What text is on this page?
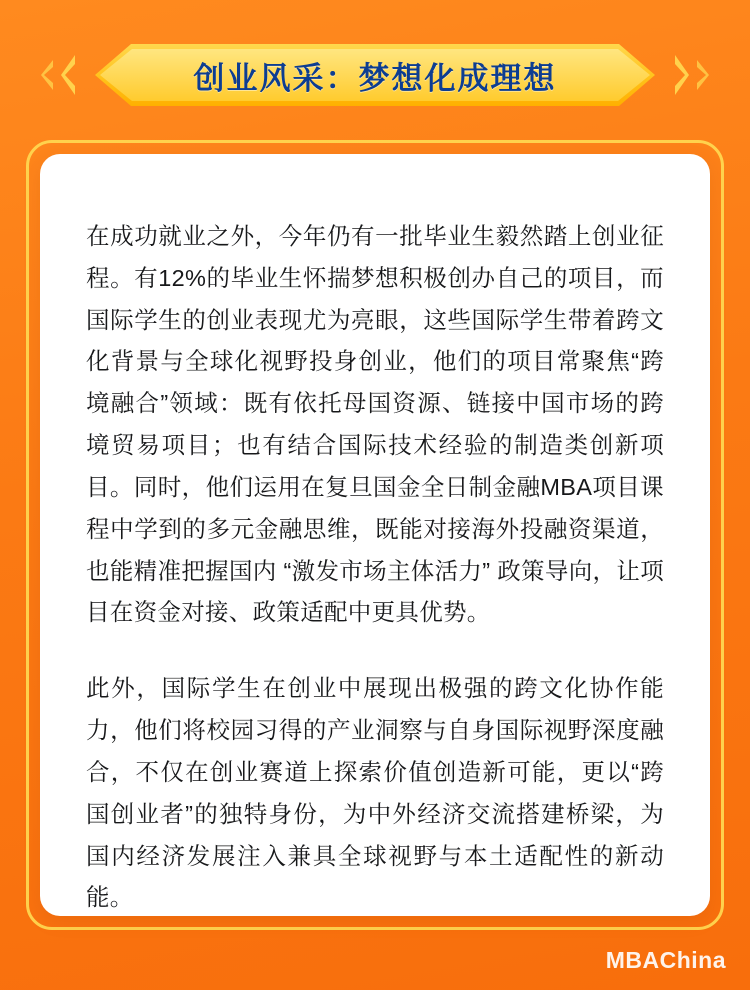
创业风采：梦想化成理想

在成功就业之外，今年仍有一批毕业生毅然踏上创业征程。有12%的毕业生怀揣梦想积极创办自己的项目，而国际学生的创业表现尤为亮眼，这些国际学生带着跨文化背景与全球化视野投身创业，他们的项目常聚焦“跨境融合”领域：既有依托母国资源、链接中国市场的跨境贸易项目；也有结合国际技术经验的制造类创新项目。同时，他们运用在复旦国金全日制金融MBA项目课程中学到的多元金融思维，既能对接海外投融资渠道，也能精准把握国内 “激发市场主体活力” 政策导向，让项目在资金对接、政策适配中更具优势。

此外，国际学生在创业中展现出极强的跨文化协作能力，他们将校园习得的产业洞察与自身国际视野深度融合，不仅在创业赛道上探索价值创造新可能，更以“跨国创业者”的独特身份，为中外经济交流搭建桥梁，为国内经济发展注入兼具全球视野与本土适配性的新动能。

MBA China
